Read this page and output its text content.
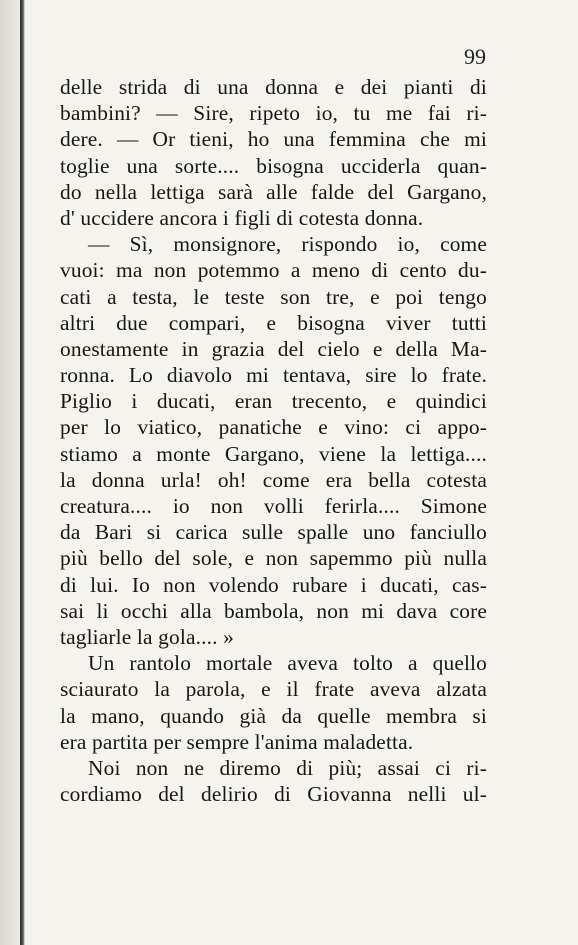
99
delle strida di una donna e dei pianti di
bambini? — Sire, ripeto io, tu me fai ri-
dere. — Or tieni, ho una femmina che mi
toglie una sorte.... bisogna ucciderla quan-
do nella lettiga sarà alle falde del Gargano,
d' uccidere ancora i figli di cotesta donna.
— Sì, monsignore, rispondo io, come
vuoi: ma non potemmo a meno di cento du-
cati a testa, le teste son tre, e poi tengo
altri due compari, e bisogna viver tutti
onestamente in grazia del cielo e della Ma-
ronna. Lo diavolo mi tentava, sire lo frate.
Piglio i ducati, eran trecento, e quindici
per lo viatico, panatiche e vino: ci appo-
stiamo a monte Gargano, viene la lettiga....
la donna urla! oh! come era bella cotesta
creatura.... io non volli ferirla.... Simone
da Bari si carica sulle spalle uno fanciullo
più bello del sole, e non sapemmo più nulla
di lui. Io non volendo rubare i ducati, cas-
sai li occhi alla bambola, non mi dava core
tagliarle la gola.... »
Un rantolo mortale aveva tolto a quello
sciaurato la parola, e il frate aveva alzata
la mano, quando già da quelle membra si
era partita per sempre l'anima maladetta.
Noi non ne diremo di più; assai ci ri-
cordiamo del delirio di Giovanna nelli ul-
